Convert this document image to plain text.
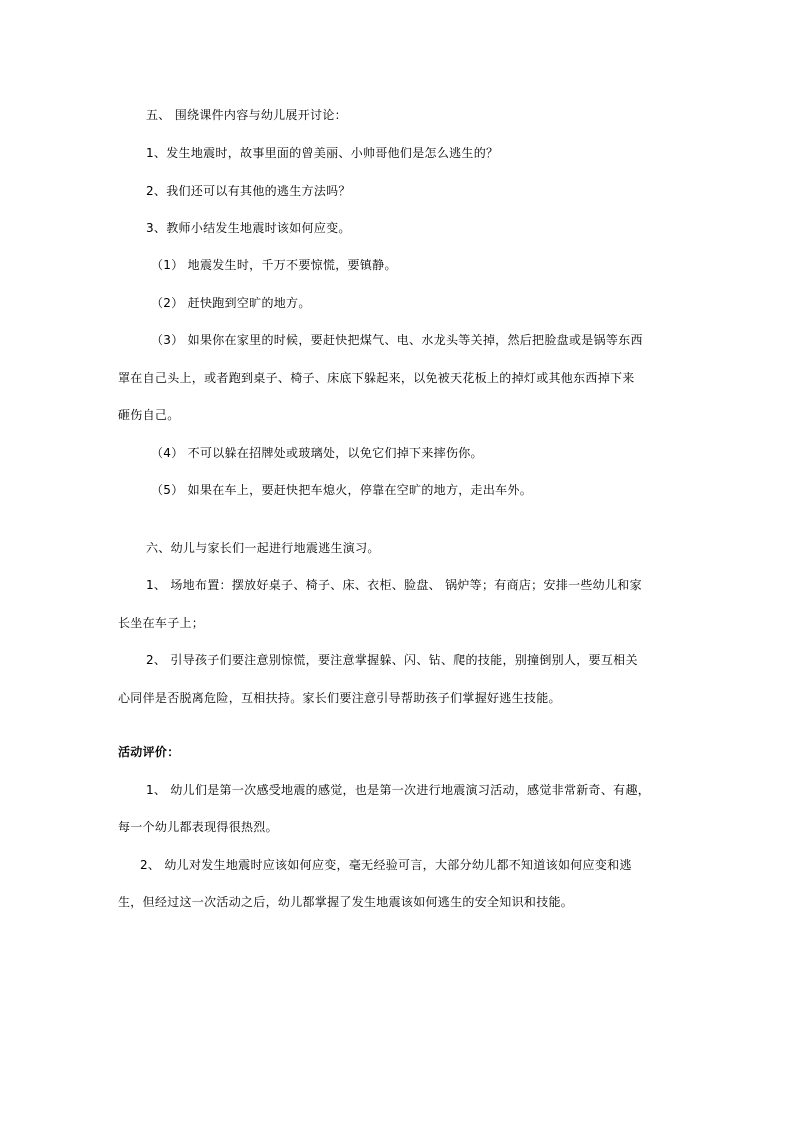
五、 围绕课件内容与幼儿展开讨论：
1、发生地震时，故事里面的曾美丽、小帅哥他们是怎么逃生的？
2、我们还可以有其他的逃生方法吗？
3、教师小结发生地震时该如何应变。
（1） 地震发生时，千万不要惊慌，要镇静。
（2） 赶快跑到空旷的地方。
（3） 如果你在家里的时候，要赶快把煤气、电、水龙头等关掉，然后把脸盘或是锅等东西
罩在自己头上，或者跑到桌子、椅子、床底下躲起来，以免被天花板上的掉灯或其他东西掉下来
砸伤自己。
（4） 不可以躲在招牌处或玻璃处，以免它们掉下来摔伤你。
（5） 如果在车上，要赶快把车熄火，停靠在空旷的地方，走出车外。
六、幼儿与家长们一起进行地震逃生演习。
1、 场地布置：摆放好桌子、椅子、床、衣柜、脸盘、 锅炉等；有商店；安排一些幼儿和家
长坐在车子上；
2、 引导孩子们要注意别惊慌，要注意掌握躲、闪、钻、爬的技能，别撞倒别人，要互相关
心同伴是否脱离危险，互相扶持。家长们要注意引导帮助孩子们掌握好逃生技能。
活动评价：
1、 幼儿们是第一次感受地震的感觉，也是第一次进行地震演习活动，感觉非常新奇、有趣，
每一个幼儿都表现得很热烈。
2、 幼儿对发生地震时应该如何应变，毫无经验可言，大部分幼儿都不知道该如何应变和逃
生，但经过这一次活动之后，幼儿都掌握了发生地震该如何逃生的安全知识和技能。
